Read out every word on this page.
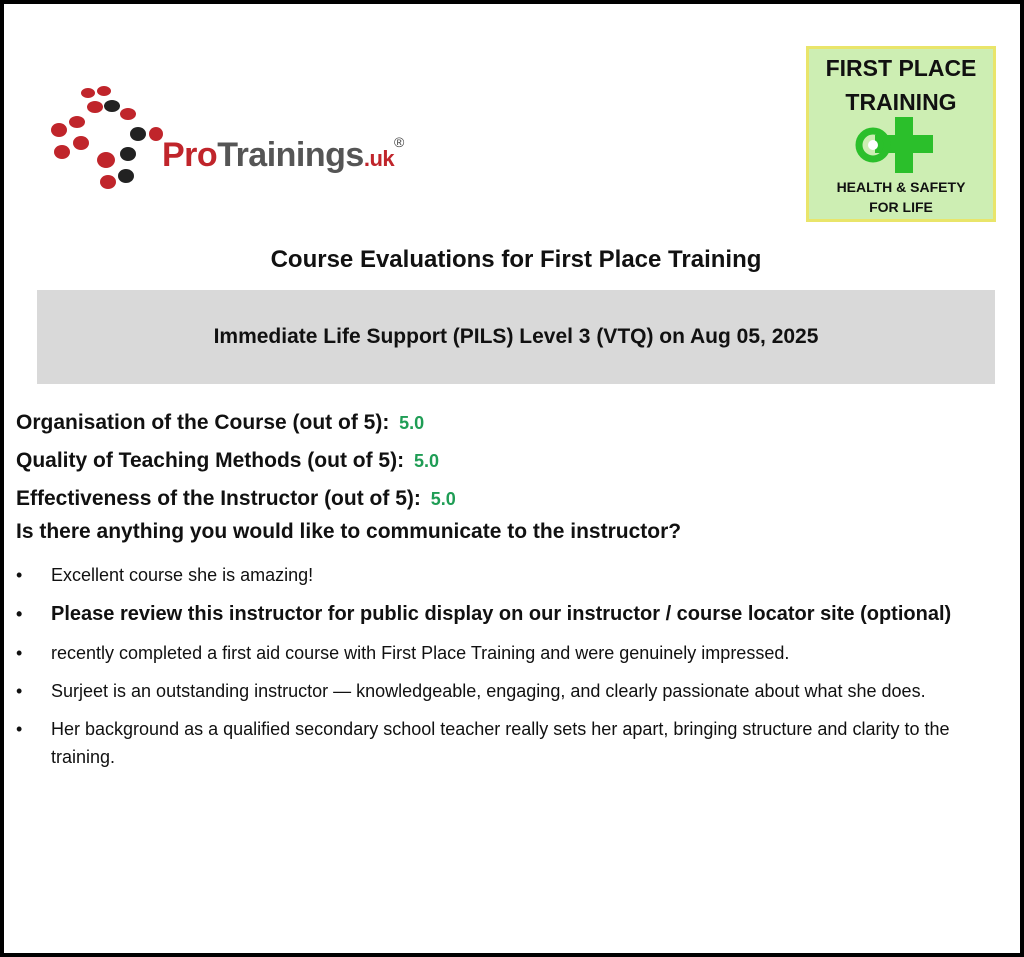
ProTrainings.uk
®
FIRST PLACE
TRAINING
HEALTH & SAFETY
FOR LIFE
Course Evaluations for First Place Training
Immediate Life Support (PILS) Level 3 (VTQ) on Aug 05, 2025
Organisation of the Course (out of 5): 5.0
Quality of Teaching Methods (out of 5): 5.0
Effectiveness of the Instructor (out of 5): 5.0
Is there anything you would like to communicate to the instructor?
• Excellent course she is amazing!
• Please review this instructor for public display on our instructor / course locator site (optional)
• recently completed a first aid course with First Place Training and were genuinely impressed.
• Surjeet is an outstanding instructor — knowledgeable, engaging, and clearly passionate about what she does.
• Her background as a qualified secondary school teacher really sets her apart, bringing structure and clarity to the training.
